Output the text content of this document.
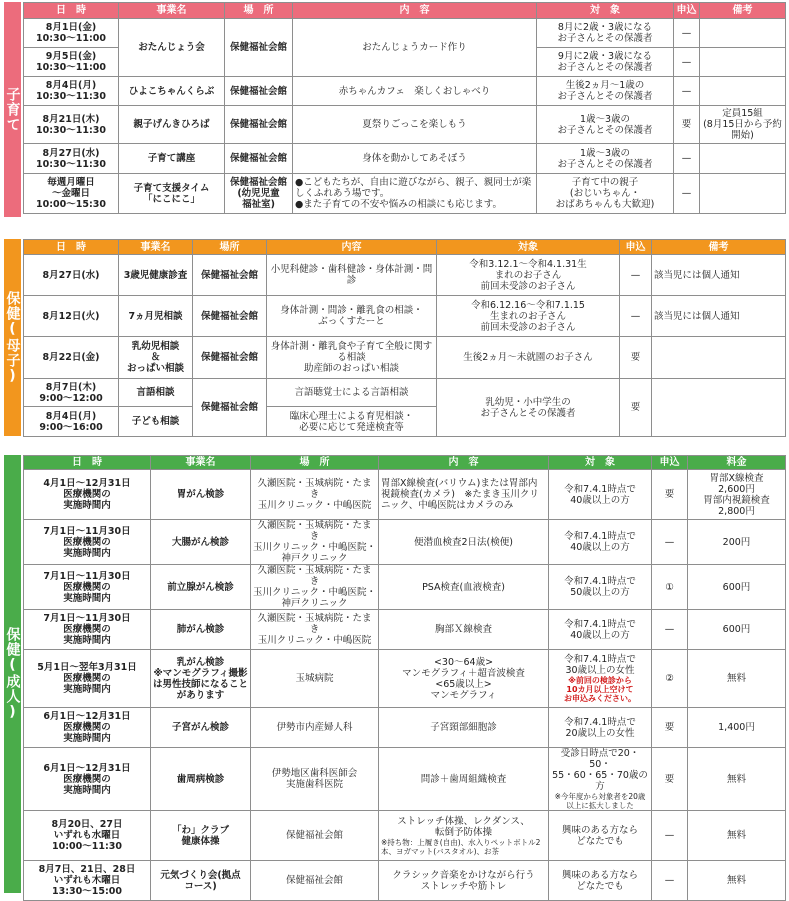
子育て
日　時	事業名	場　所	内　容	対　象	申込	備考
8月1日(金)
10:30～11:00	おたんじょう会	保健福祉会館	おたんじょうカード作り	8月に2歳・3歳になる
お子さんとその保護者	—	
9月5日(金)
10:30～11:00				9月に2歳・3歳になる
お子さんとその保護者	—	
8月4日(月)
10:30～11:30	ひよこちゃんくらぶ	保健福祉会館	赤ちゃんカフェ　楽しくおしゃべり	生後2ヵ月～1歳の
お子さんとその保護者	—	
8月21日(木)
10:30～11:30	親子げんきひろば	保健福祉会館	夏祭りごっこを楽しもう	1歳～3歳の
お子さんとその保護者	要	定員15組
(8月15日から予約開始)
8月27日(水)
10:30～11:30	子育て講座	保健福祉会館	身体を動かしてあそぼう	1歳～3歳の
お子さんとその保護者	—	
毎週月曜日
～金曜日
10:00～15:30	子育て支援タイム
「にこにこ」	保健福祉会館
(幼児児童
福祉室)	●こどもたちが、自由に遊びながら、親子、親同士が楽しくふれあう場です。
●また子育ての不安や悩みの相談にも応じます。	子育て中の親子
(おじいちゃん・
おばあちゃんも大歓迎)	—	
保健(母子)
日　時	事業名	場所	内容	対象	申込	備考
8月27日(水)	3歳児健康診査	保健福祉会館	小児科健診・歯科健診・身体計測・問診	令和3.12.1～令和4.1.31生
まれのお子さん
前回未受診のお子さん	—	該当児には個人通知
8月12日(火)	7ヵ月児相談	保健福祉会館	身体計測・問診・離乳食の相談・
ぶっくすたーと	令和6.12.16～令和7.1.15
生まれのお子さん
前回未受診のお子さん	—	該当児には個人通知
8月22日(金)	乳幼児相談
＆
おっぱい相談	保健福祉会館	身体計測・離乳食や子育て全般に関する相談
助産師のおっぱい相談	生後2ヵ月～未就園のお子さん	要	
8月7日(木)
9:00～12:00	言語相談	保健福祉会館	言語聴覚士による言語相談	乳幼児・小中学生の
お子さんとその保護者	要	
8月4日(月)
9:00～16:00	子ども相談		臨床心理士による育児相談・
必要に応じて発達検査等			
保健(成人)
日　時	事業名	場　所	内　容	対　象	申込	料金
4月1日～12月31日
医療機関の
実施時間内	胃がん検診	久瀬医院・玉城病院・たまき
玉川クリニック・中嶋医院	胃部X線検査(バリウム)または胃部内視鏡検査(カメラ)　※たまき玉川クリニック、中嶋医院はカメラのみ	令和7.4.1時点で
40歳以上の方	要	胃部X線検査
2,600円
胃部内視鏡検査
2,800円
7月1日～11月30日
医療機関の
実施時間内	大腸がん検診	久瀬医院・玉城病院・たまき
玉川クリニック・中嶋医院・
神戸クリニック	便潜血検査2日法(検便)	令和7.4.1時点で
40歳以上の方	—	200円
7月1日～11月30日
医療機関の
実施時間内	前立腺がん検診	久瀬医院・玉城病院・たまき
玉川クリニック・中嶋医院・
神戸クリニック	PSA検査(血液検査)	令和7.4.1時点で
50歳以上の方	①	600円
7月1日～11月30日
医療機関の
実施時間内	肺がん検診	久瀬医院・玉城病院・たまき
玉川クリニック・中嶋医院	胸部Ｘ線検査	令和7.4.1時点で
40歳以上の方	—	600円
5月1日～翌年3月31日
医療機関の
実施時間内	乳がん検診
※マンモグラフィ撮影は男性技師になることがあります	玉城病院	<30～64歳>
マンモグラフィ＋超音波検査
<65歳以上>
マンモグラフィ	令和7.4.1時点で
30歳以上の女性
※前回の検診から
10カ月以上空けて
お申込みください。	②	無料
6月1日～12月31日
医療機関の
実施時間内	子宮がん検診	伊勢市内産婦人科	子宮頸部細胞診	令和7.4.1時点で
20歳以上の女性	要	1,400円
6月1日～12月31日
医療機関の
実施時間内	歯周病検診	伊勢地区歯科医師会
実施歯科医院	問診＋歯周組織検査	受診日時点で20・50・
55・60・65・70歳の方
※今年度から対象者を20歳以上に拡大しました	要	無料
8月20日、27日
いずれも水曜日
10:00～11:30	「わ」クラブ
健康体操	保健福祉会館	ストレッチ体操、レクダンス、
転倒予防体操
※持ち物：上履き(自由)、水入りペットボトル2本、ヨガマット(バスタオル)、お茶	興味のある方なら
どなたでも	—	無料
8月7日、21日、28日
いずれも木曜日
13:30～15:00	元気づくり会(拠点
コース)	保健福祉会館	クラシック音楽をかけながら行う
ストレッチや筋トレ	興味のある方なら
どなたでも	—	無料
